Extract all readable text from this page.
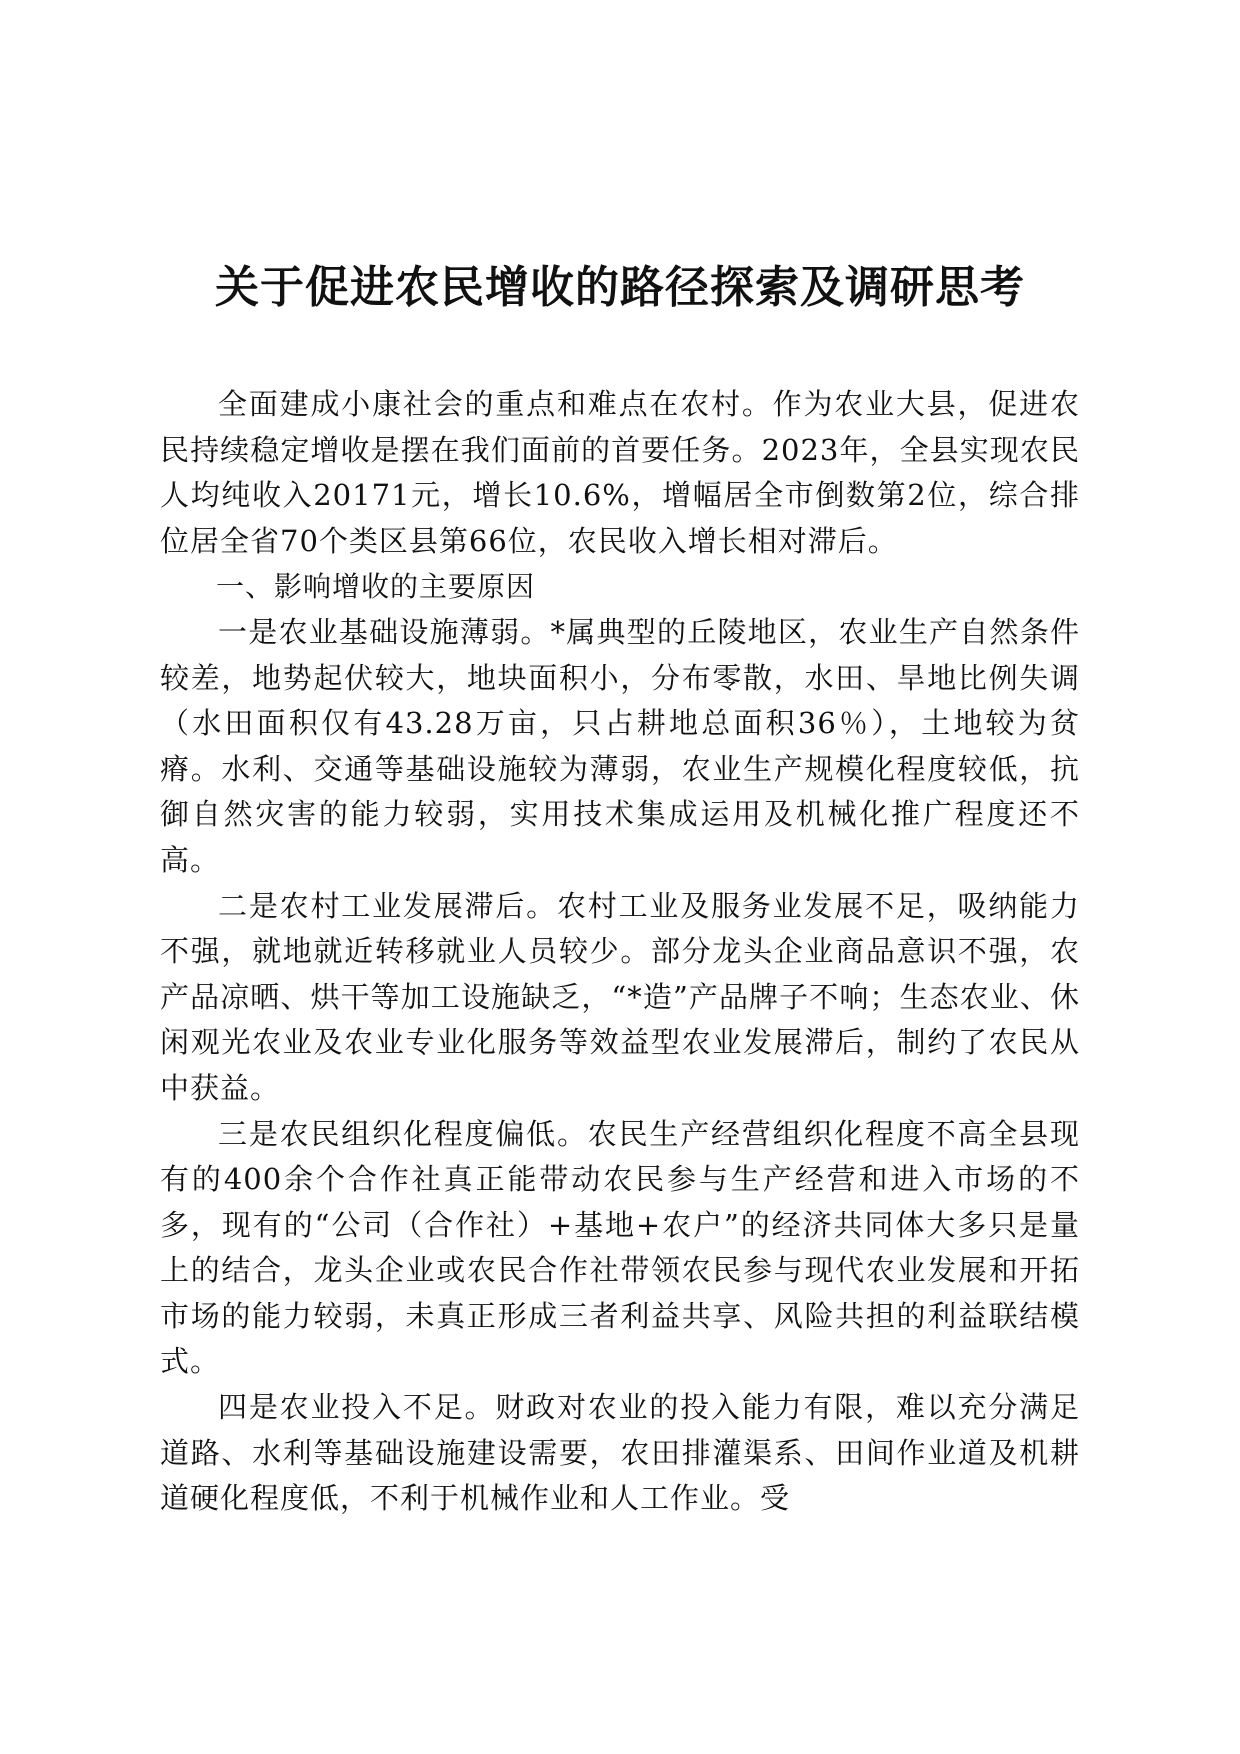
关于促进农民增收的路径探索及调研思考

全面建成小康社会的重点和难点在农村。作为农业大县，促进农民持续稳定增收是摆在我们面前的首要任务。2023年，全县实现农民人均纯收入20171元，增长10.6%，增幅居全市倒数第2位，综合排位居全省70个类区县第66位，农民收入增长相对滞后。

一、影响增收的主要原因

一是农业基础设施薄弱。*属典型的丘陵地区，农业生产自然条件较差，地势起伏较大，地块面积小，分布零散，水田、旱地比例失调（水田面积仅有43.28万亩，只占耕地总面积36％），土地较为贫瘠。水利、交通等基础设施较为薄弱，农业生产规模化程度较低，抗御自然灾害的能力较弱，实用技术集成运用及机械化推广程度还不高。

二是农村工业发展滞后。农村工业及服务业发展不足，吸纳能力不强，就地就近转移就业人员较少。部分龙头企业商品意识不强，农产品凉晒、烘干等加工设施缺乏，“*造”产品牌子不响；生态农业、休闲观光农业及农业专业化服务等效益型农业发展滞后，制约了农民从中获益。

三是农民组织化程度偏低。农民生产经营组织化程度不高全县现有的400余个合作社真正能带动农民参与生产经营和进入市场的不多，现有的“公司（合作社）+基地+农户”的经济共同体大多只是量上的结合，龙头企业或农民合作社带领农民参与现代农业发展和开拓市场的能力较弱，未真正形成三者利益共享、风险共担的利益联结模式。

四是农业投入不足。财政对农业的投入能力有限，难以充分满足道路、水利等基础设施建设需要，农田排灌渠系、田间作业道及机耕道硬化程度低，不利于机械作业和人工作业。受
